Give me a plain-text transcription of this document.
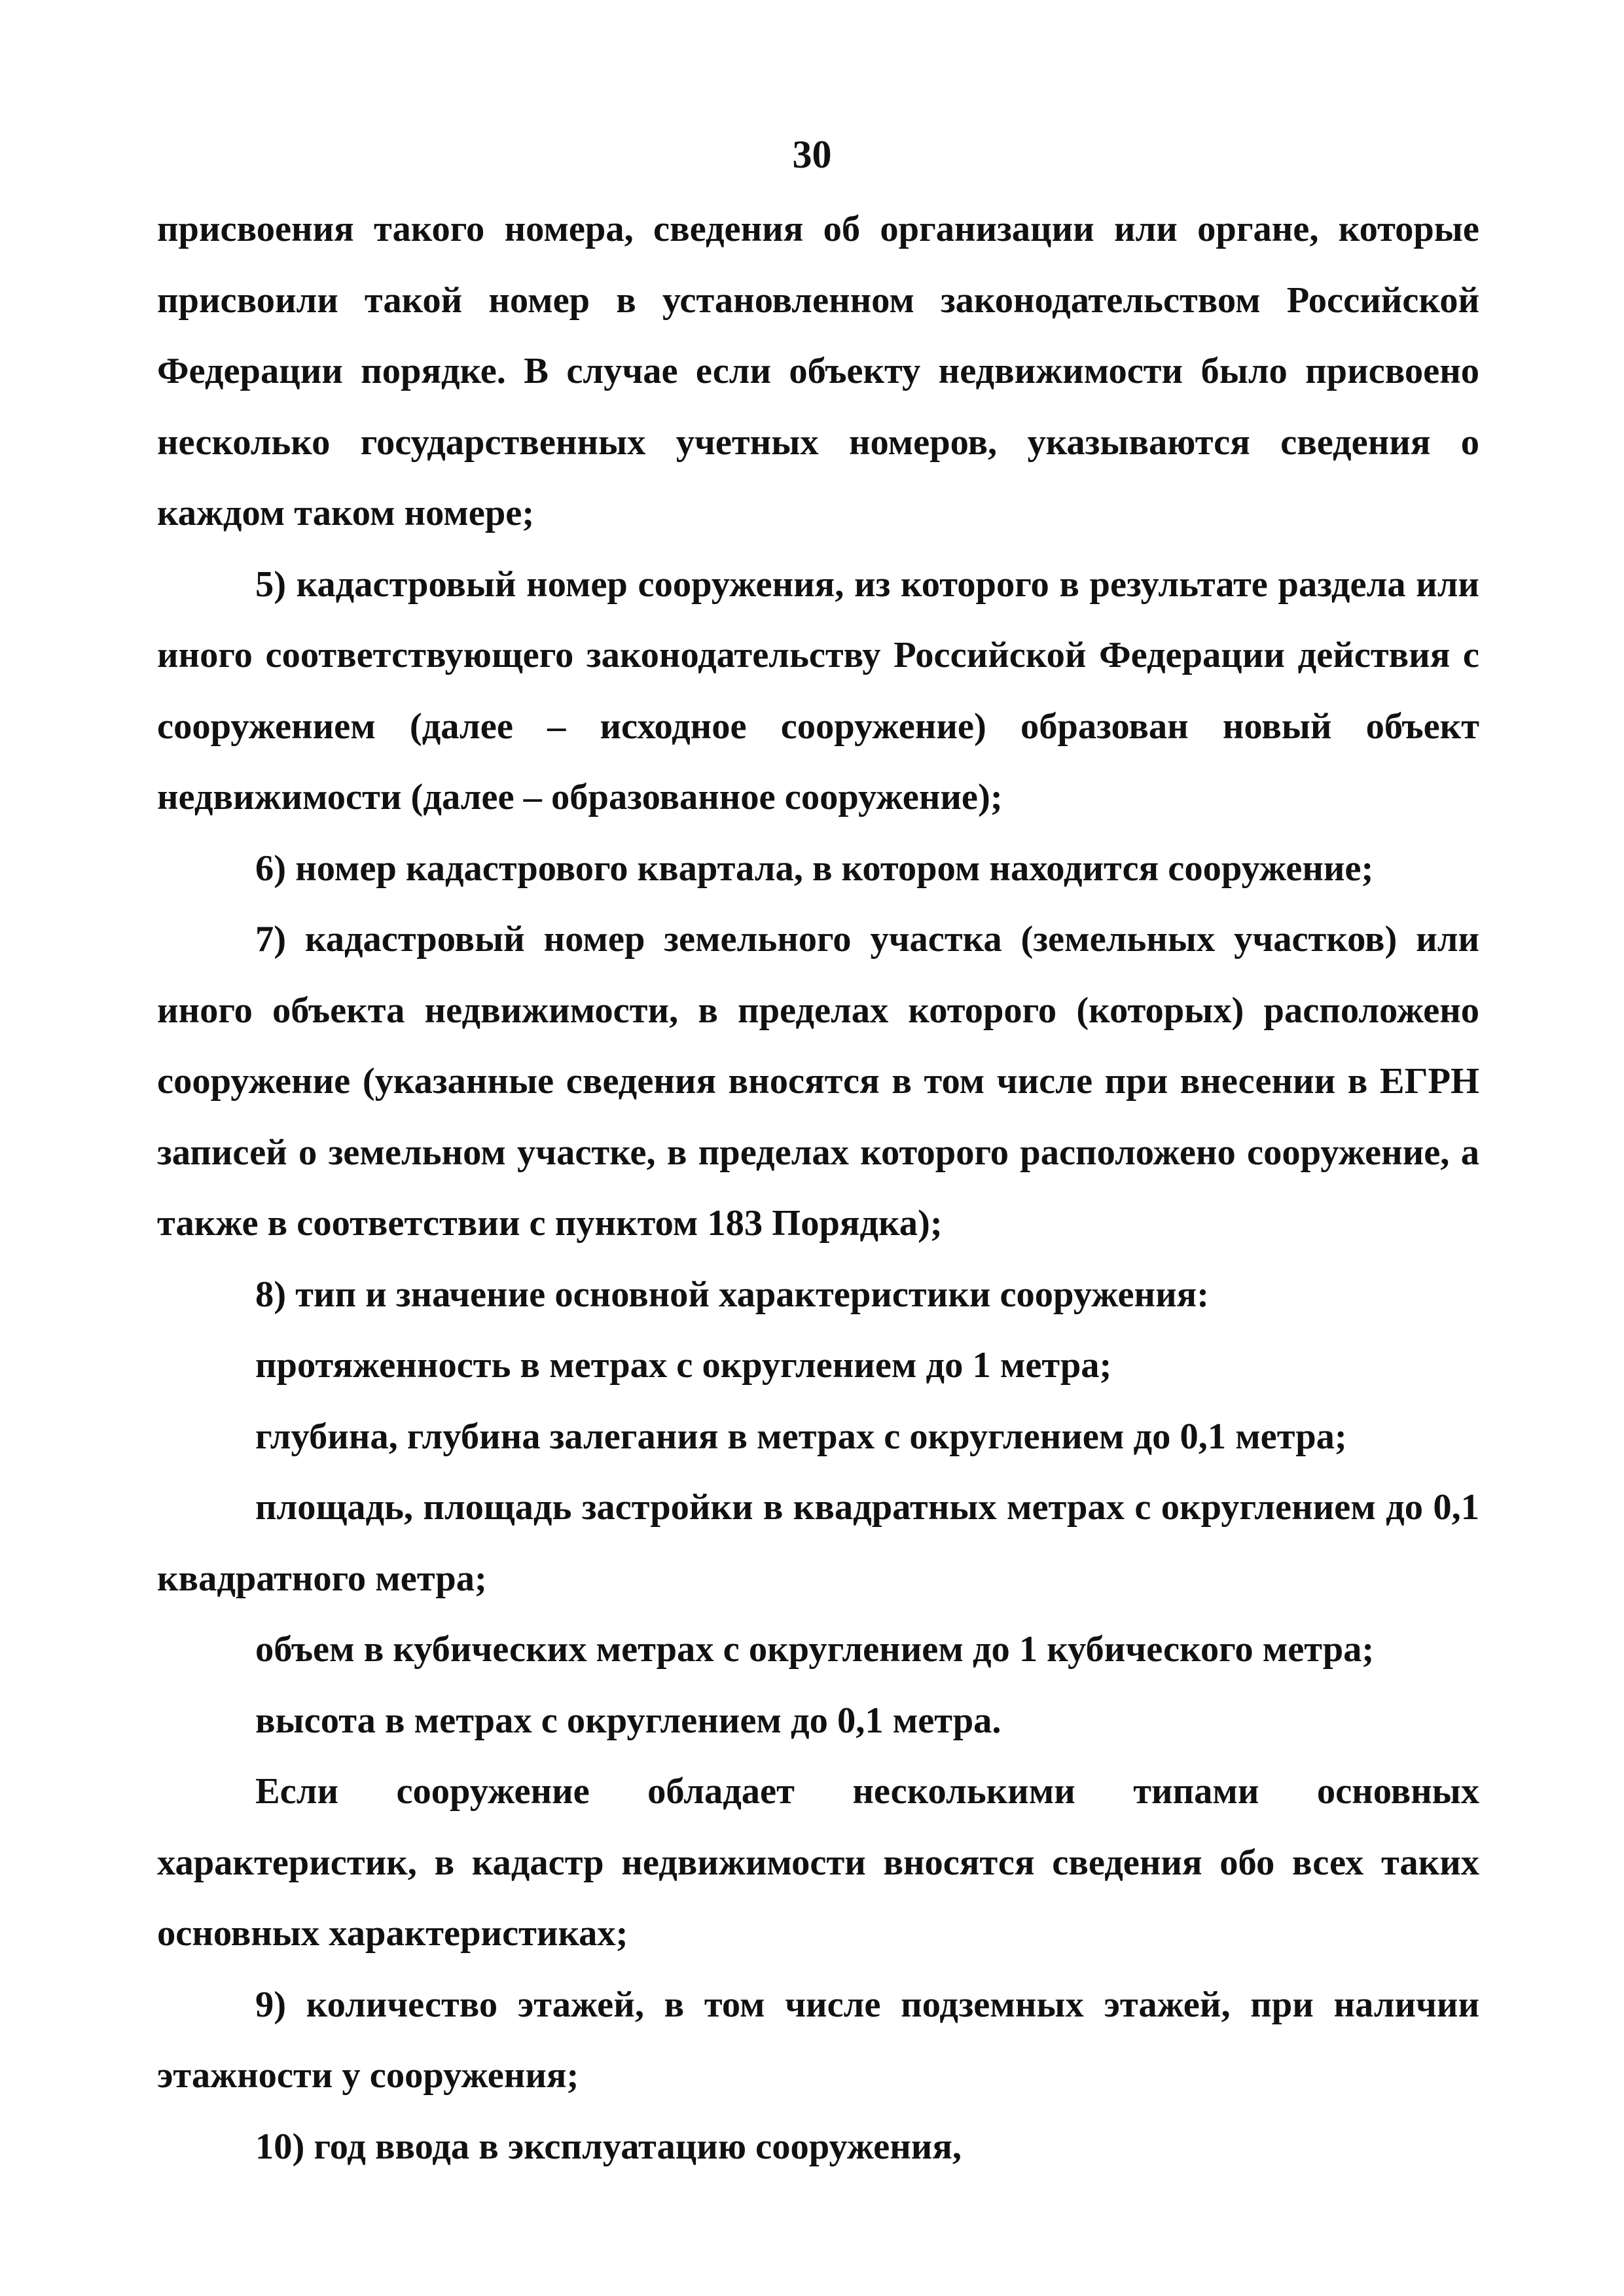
30

присвоения такого номера, сведения об организации или органе, которые присвоили такой номер в установленном законодательством Российской Федерации порядке. В случае если объекту недвижимости было присвоено несколько государственных учетных номеров, указываются сведения о каждом таком номере;

5) кадастровый номер сооружения, из которого в результате раздела или иного соответствующего законодательству Российской Федерации действия с сооружением (далее – исходное сооружение) образован новый объект недвижимости (далее – образованное сооружение);

6) номер кадастрового квартала, в котором находится сооружение;

7) кадастровый номер земельного участка (земельных участков) или иного объекта недвижимости, в пределах которого (которых) расположено сооружение (указанные сведения вносятся в том числе при внесении в ЕГРН записей о земельном участке, в пределах которого расположено сооружение, а также в соответствии с пунктом 183 Порядка);

8) тип и значение основной характеристики сооружения:

протяженность в метрах с округлением до 1 метра;

глубина, глубина залегания в метрах с округлением до 0,1 метра;

площадь, площадь застройки в квадратных метрах с округлением до 0,1 квадратного метра;

объем в кубических метрах с округлением до 1 кубического метра;

высота в метрах с округлением до 0,1 метра.

Если сооружение обладает несколькими типами основных характеристик, в кадастр недвижимости вносятся сведения обо всех таких основных характеристиках;

9) количество этажей, в том числе подземных этажей, при наличии этажности у сооружения;

10) год ввода в эксплуатацию сооружения,
